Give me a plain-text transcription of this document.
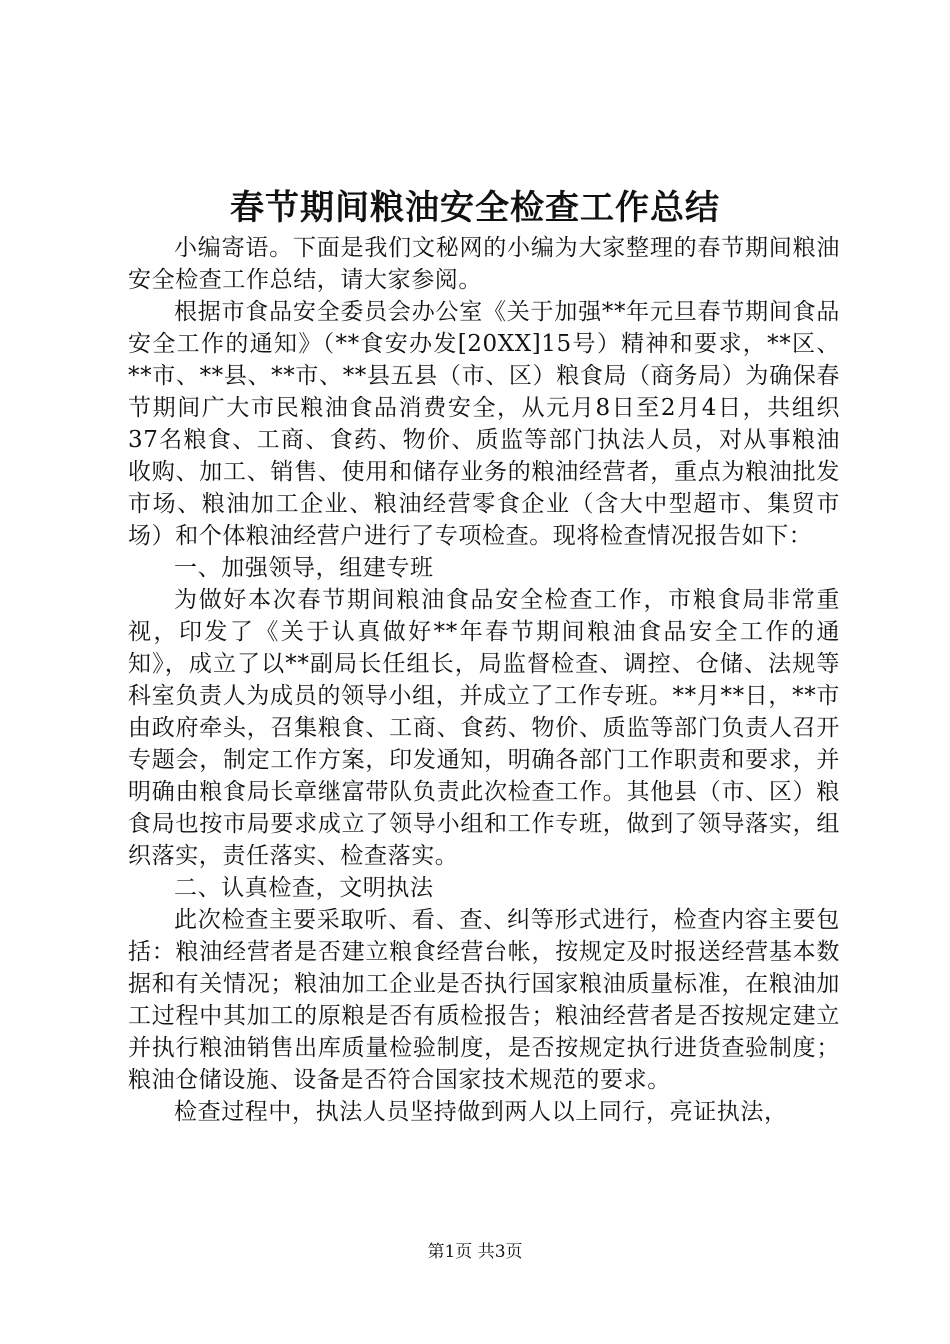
春节期间粮油安全检查工作总结

小编寄语。下面是我们文秘网的小编为大家整理的春节期间粮油安全检查工作总结，请大家参阅。

根据市食品安全委员会办公室《关于加强**年元旦春节期间食品安全工作的通知》（**食安办发[20XX]15号）精神和要求，**区、**市、**县、**市、**县五县（市、区）粮食局（商务局）为确保春节期间广大市民粮油食品消费安全，从元月8日至2月4日，共组织37名粮食、工商、食药、物价、质监等部门执法人员，对从事粮油收购、加工、销售、使用和储存业务的粮油经营者，重点为粮油批发市场、粮油加工企业、粮油经营零食企业（含大中型超市、集贸市场）和个体粮油经营户进行了专项检查。现将检查情况报告如下：

一、加强领导，组建专班

为做好本次春节期间粮油食品安全检查工作，市粮食局非常重视，印发了《关于认真做好**年春节期间粮油食品安全工作的通知》，成立了以**副局长任组长，局监督检查、调控、仓储、法规等科室负责人为成员的领导小组，并成立了工作专班。**月**日，**市由政府牵头，召集粮食、工商、食药、物价、质监等部门负责人召开专题会，制定工作方案，印发通知，明确各部门工作职责和要求，并明确由粮食局长章继富带队负责此次检查工作。其他县（市、区）粮食局也按市局要求成立了领导小组和工作专班，做到了领导落实，组织落实，责任落实、检查落实。

二、认真检查，文明执法

此次检查主要采取听、看、查、纠等形式进行，检查内容主要包括：粮油经营者是否建立粮食经营台帐，按规定及时报送经营基本数据和有关情况；粮油加工企业是否执行国家粮油质量标准，在粮油加工过程中其加工的原粮是否有质检报告；粮油经营者是否按规定建立并执行粮油销售出库质量检验制度，是否按规定执行进货查验制度；粮油仓储设施、设备是否符合国家技术规范的要求。

检查过程中，执法人员坚持做到两人以上同行，亮证执法，

第1页 共3页
